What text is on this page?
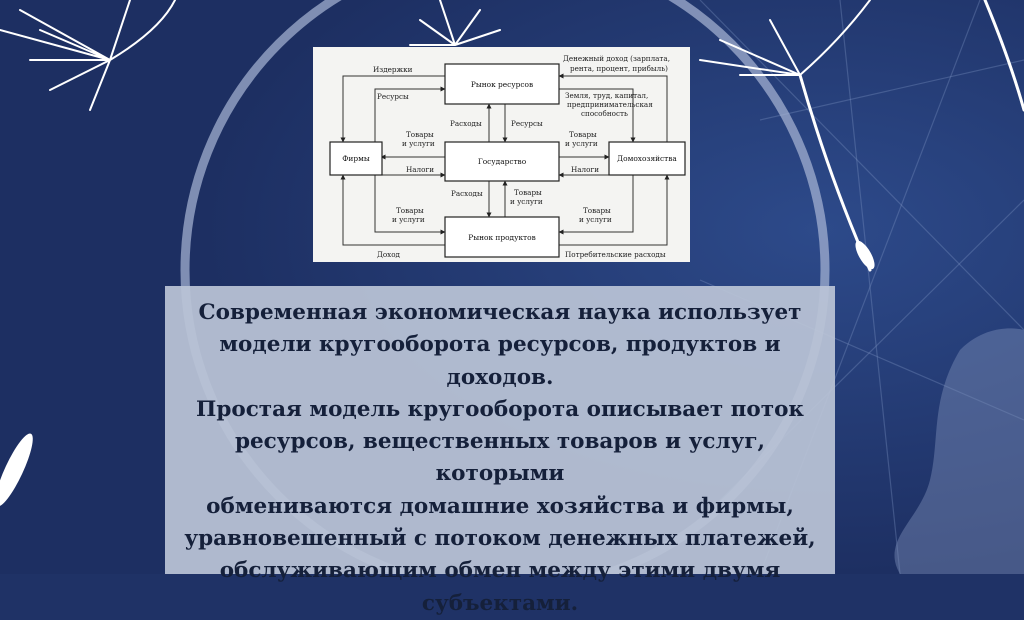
Рынок ресурсов
Фирмы	Государство	Домохозяйства
Рынок продуктов
Издержки
Денежный доход (зарплата,
рента, процент, прибыль)
Ресурсы	Земля, труд, капитал,
предпринимательская
способность
Расходы	Ресурсы
Товары
и услуги
Товары
и услуги
Налоги	Налоги
Расходы	Товары
и услуги
Товары
и услуги
Товары
и услуги
Доход	Потребительские расходы

Современная экономическая наука использует
модели кругооборота ресурсов, продуктов и доходов.
Простая модель кругооборота описывает поток
ресурсов, вещественных товаров и услуг, которыми
обмениваются домашние хозяйства и фирмы,
уравновешенный с потоком денежных платежей,
обслуживающим обмен между этими двумя
субъектами.
